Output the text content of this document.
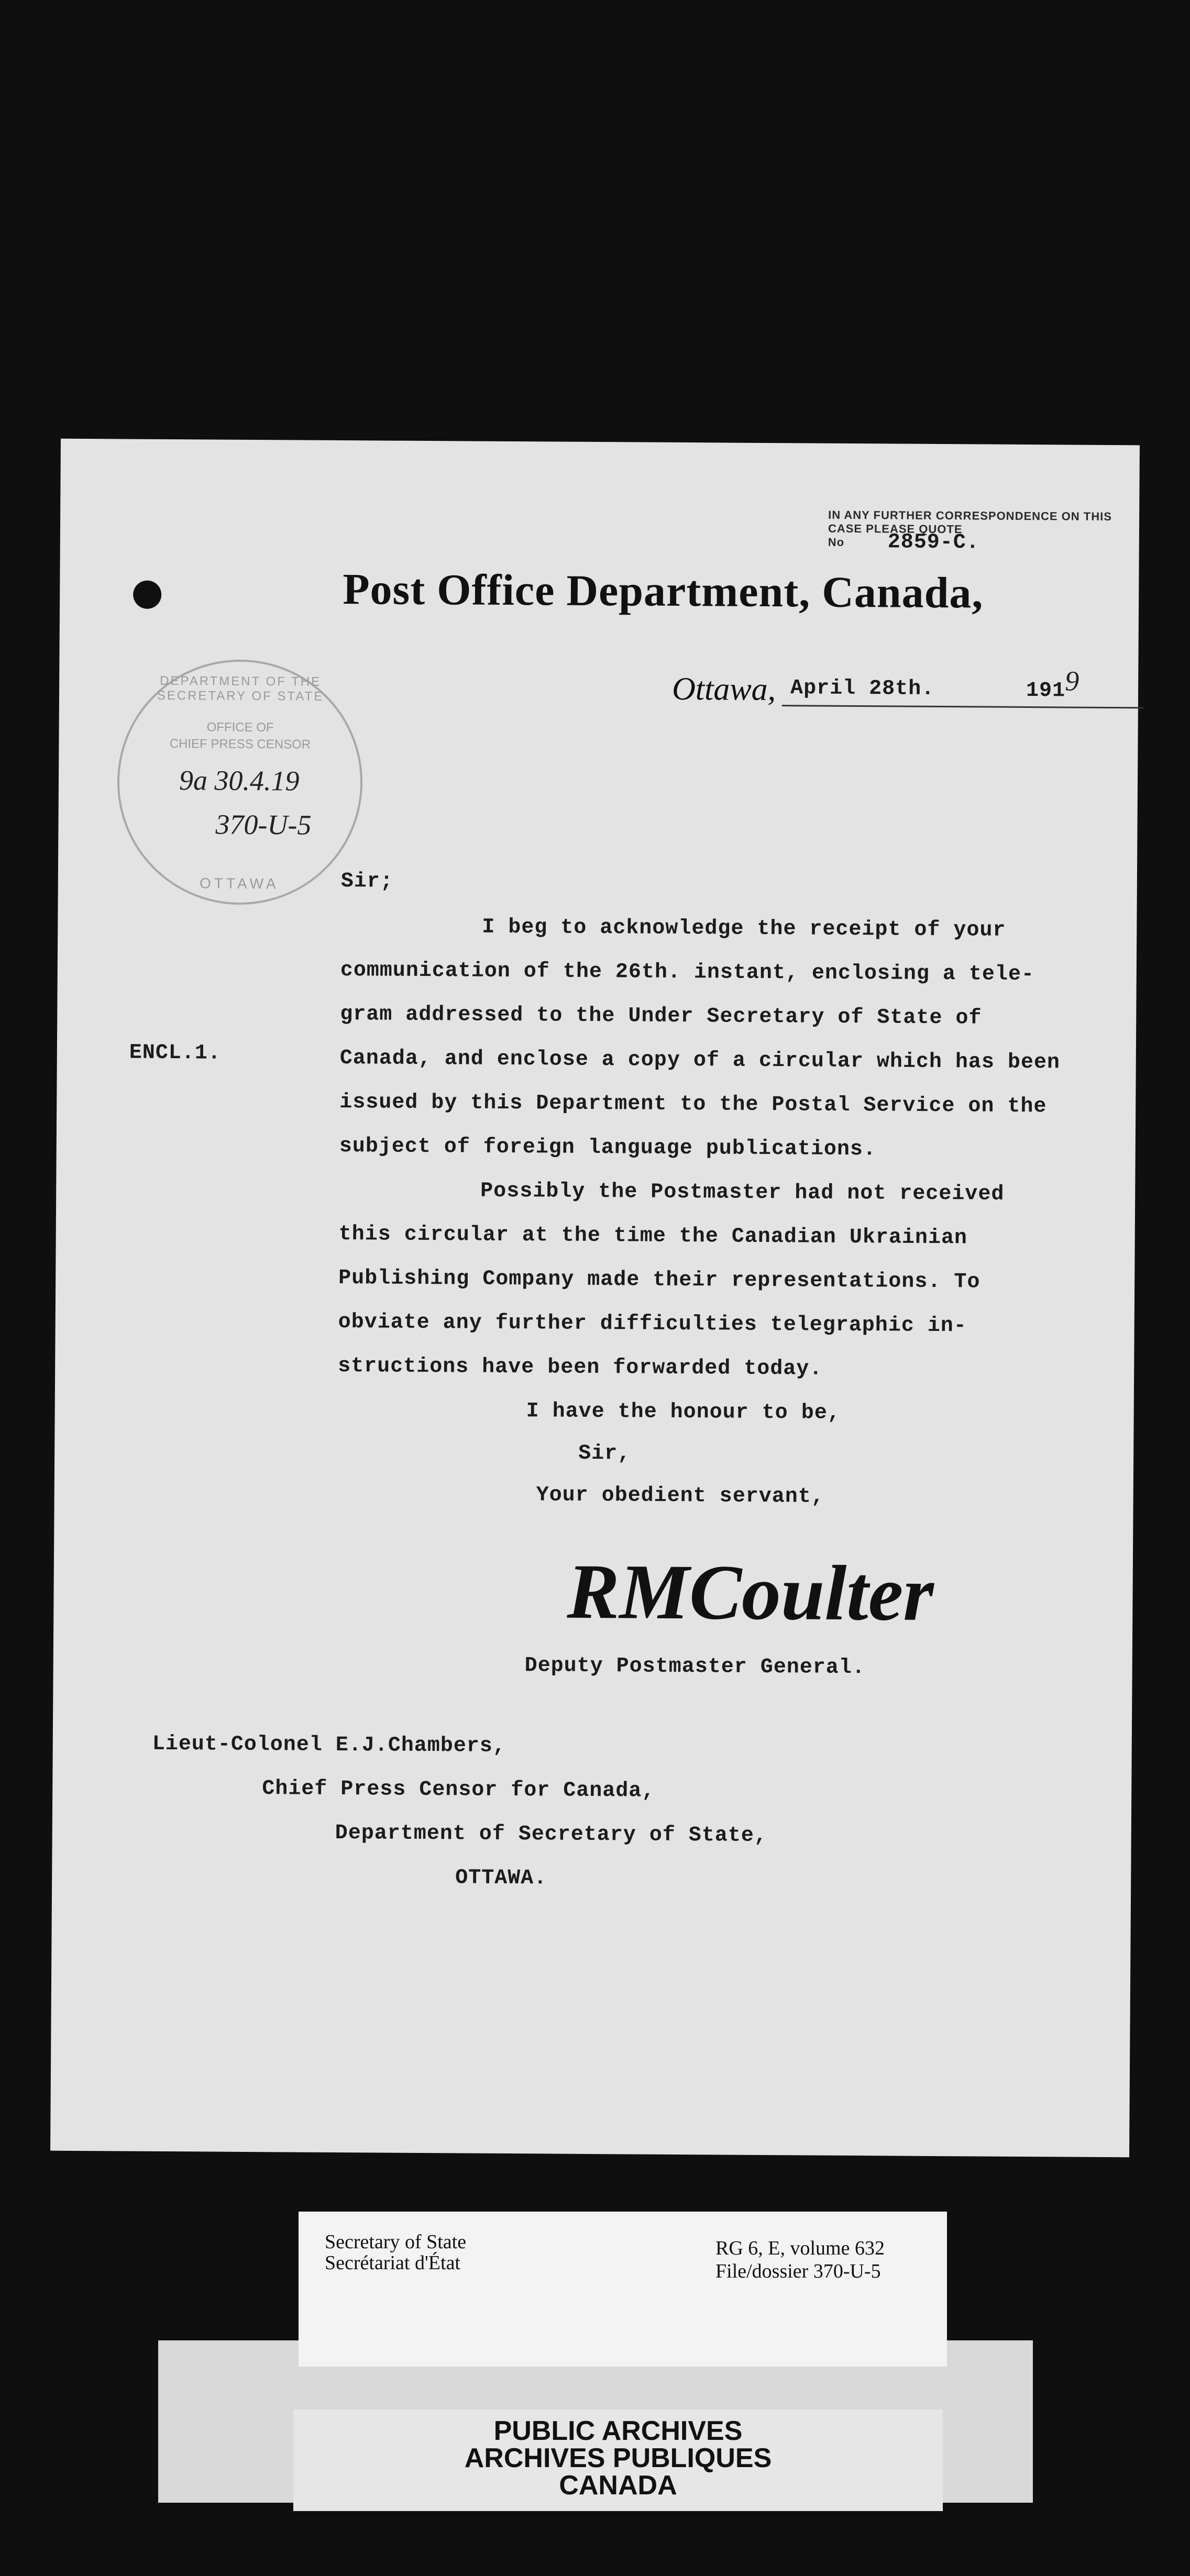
IN ANY FURTHER CORRESPONDENCE ON THIS CASE PLEASE QUOTE
No 2859-C.
Post Office Department, Canada,
Ottawa, April 28th.	191
9
DEPARTMENT OF THE SECRETARY OF STATE
OFFICE OF
CHIEF PRESS CENSOR
OTTAWA
9a 30.4.19
370-U-5
Sir;
ENCL.1.
I beg to acknowledge the receipt of your
communication of the 26th. instant, enclosing a tele-
gram addressed to the Under Secretary of State of
Canada, and enclose a copy of a circular which has been
issued by this Department to the Postal Service on the
subject of foreign language publications.
Possibly the Postmaster had not received
this circular at the time the Canadian Ukrainian
Publishing Company made their representations. To
obviate any further difficulties telegraphic in-
structions have been forwarded today.
I have the honour to be,
Sir,
Your obedient servant,
RMCoulter
Deputy Postmaster General.
Lieut-Colonel E.J.Chambers,
Chief Press Censor for Canada,
Department of Secretary of State,
OTTAWA.
PUBLIC ARCHIVES
ARCHIVES PUBLIQUES
CANADA
Secretary of State
Secrétariat d'État
RG 6, E, volume 632
File/dossier 370-U-5
